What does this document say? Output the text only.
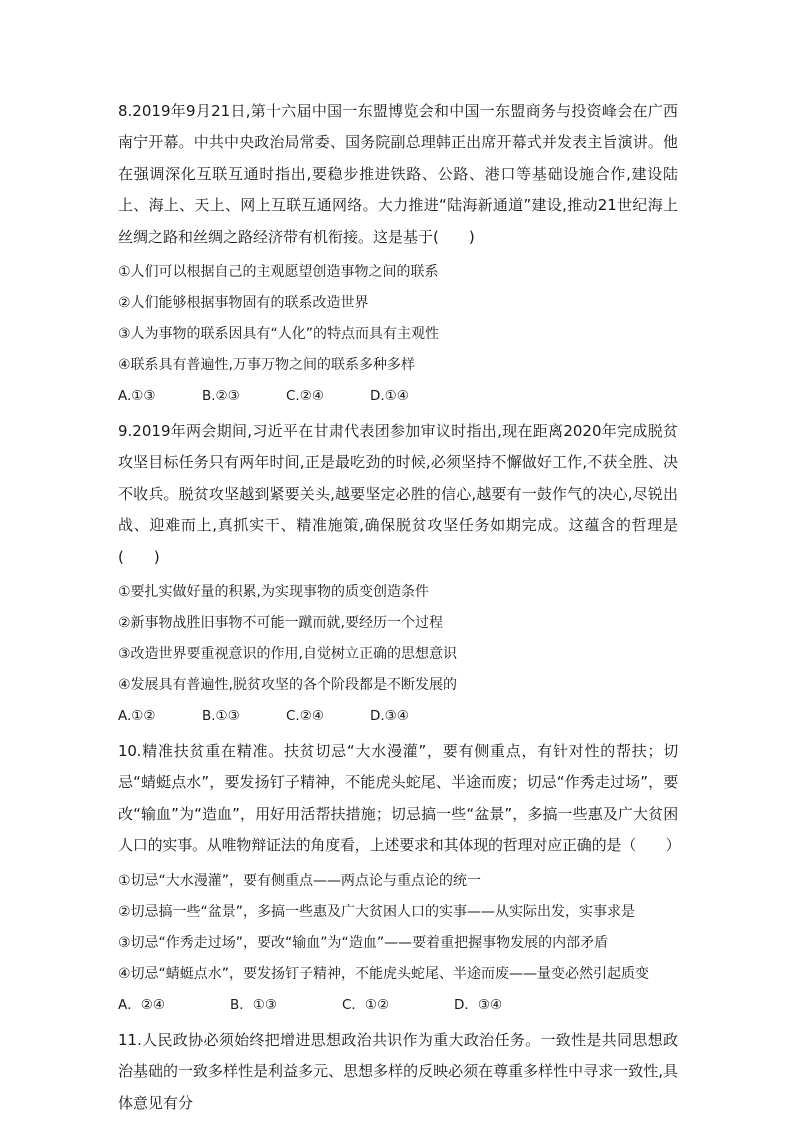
8.2019年9月21日,第十六届中国一东盟博览会和中国一东盟商务与投资峰会在广西南宁开幕。中共中央政治局常委、国务院副总理韩正出席开幕式并发表主旨演讲。他在强调深化互联互通时指出,要稳步推进铁路、公路、港口等基础设施合作,建设陆上、海上、天上、网上互联互通网络。大力推进“陆海新通道”建设,推动21世纪海上丝绸之路和丝绸之路经济带有机衔接。这是基于(　　)

①人们可以根据自己的主观愿望创造事物之间的联系

②人们能够根据事物固有的联系改造世界

③人为事物的联系因具有“人化”的特点而具有主观性

④联系具有普遍性,万事万物之间的联系多种多样

A.①③	B.②③	C.②④	D.①④

9.2019年两会期间,习近平在甘肃代表团参加审议时指出,现在距离2020年完成脱贫攻坚目标任务只有两年时间,正是最吃劲的时候,必须坚持不懈做好工作,不获全胜、决不收兵。脱贫攻坚越到紧要关头,越要坚定必胜的信心,越要有一鼓作气的决心,尽锐出战、迎难而上,真抓实干、精准施策,确保脱贫攻坚任务如期完成。这蕴含的哲理是(　　)

①要扎实做好量的积累,为实现事物的质变创造条件

②新事物战胜旧事物不可能一蹴而就,要经历一个过程

③改造世界要重视意识的作用,自觉树立正确的思想意识

④发展具有普遍性,脱贫攻坚的各个阶段都是不断发展的

A.①②	B.①③	C.②④	D.③④

10.精准扶贫重在精准。扶贫切忌“大水漫灌”，要有侧重点，有针对性的帮扶；切忌“蜻蜓点水”，要发扬钉子精神，不能虎头蛇尾、半途而废；切忌“作秀走过场”，要改“输血”为“造血”，用好用活帮扶措施；切忌搞一些“盆景”，多搞一些惠及广大贫困人口的实事。从唯物辩证法的角度看，上述要求和其体现的哲理对应正确的是（　　）

①切忌“大水漫灌”，要有侧重点——两点论与重点论的统一

②切忌搞一些“盆景”，多搞一些惠及广大贫困人口的实事——从实际出发，实事求是

③切忌“作秀走过场”，要改“输血”为“造血”——要着重把握事物发展的内部矛盾

④切忌“蜻蜓点水”，要发扬钉子精神，不能虎头蛇尾、半途而废——量变必然引起质变

A．②④	B．①③	C．①②	D．③④

11.人民政协必须始终把增进思想政治共识作为重大政治任务。一致性是共同思想政治基础的一致多样性是利益多元、思想多样的反映必须在尊重多样性中寻求一致性,具体意见有分
